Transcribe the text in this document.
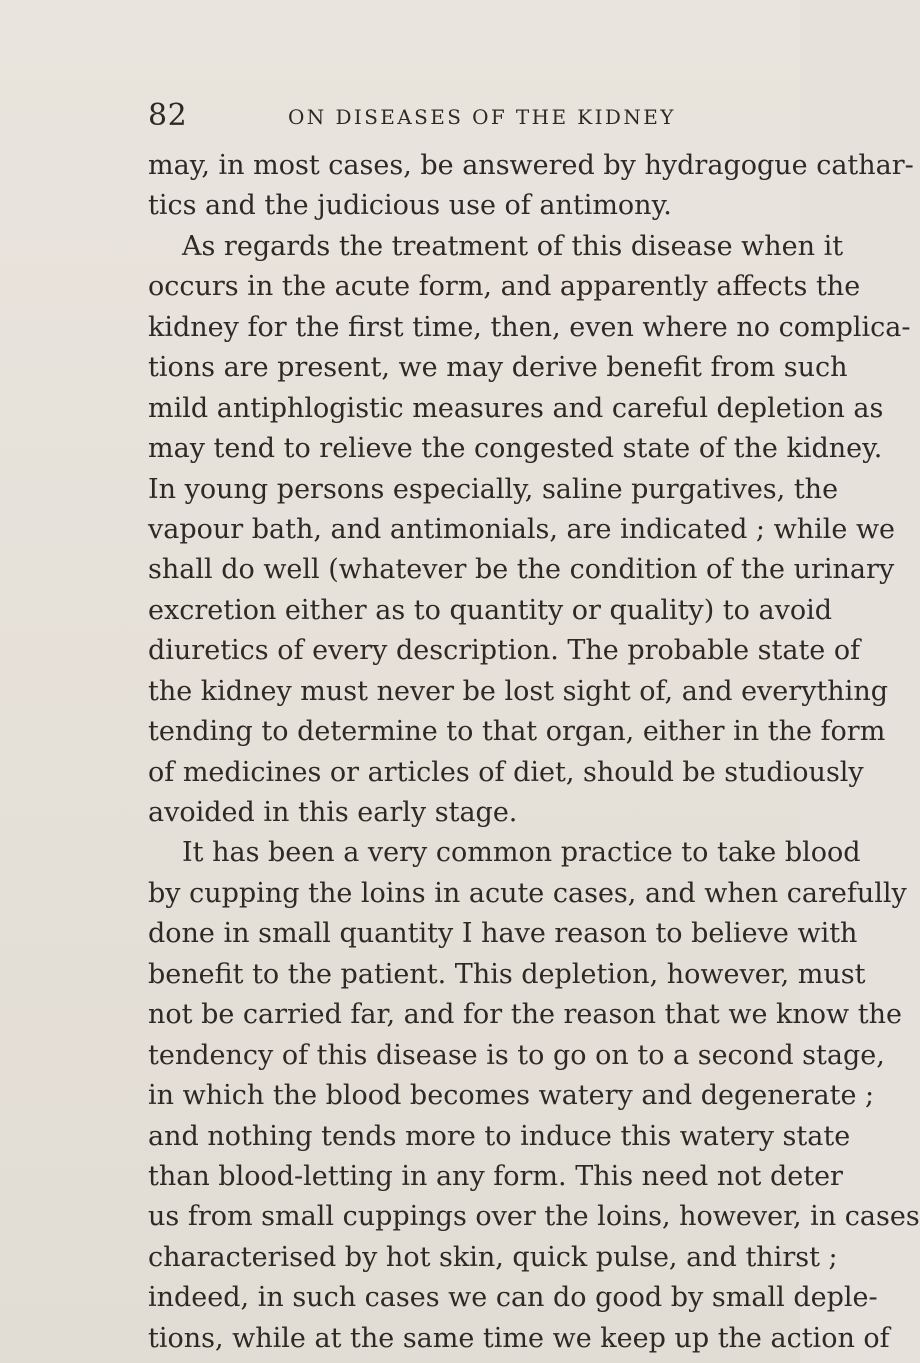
82	ON DISEASES OF THE KIDNEY
may, in most cases, be answered by hydragogue cathar-
tics and the judicious use of antimony.
As regards the treatment of this disease when it
occurs in the acute form, and apparently affects the
kidney for the first time, then, even where no complica-
tions are present, we may derive benefit from such
mild antiphlogistic measures and careful depletion as
may tend to relieve the congested state of the kidney.
In young persons especially, saline purgatives, the
vapour bath, and antimonials, are indicated ; while we
shall do well (whatever be the condition of the urinary
excretion either as to quantity or quality) to avoid
diuretics of every description. The probable state of
the kidney must never be lost sight of, and everything
tending to determine to that organ, either in the form
of medicines or articles of diet, should be studiously
avoided in this early stage.
It has been a very common practice to take blood
by cupping the loins in acute cases, and when carefully
done in small quantity I have reason to believe with
benefit to the patient. This depletion, however, must
not be carried far, and for the reason that we know the
tendency of this disease is to go on to a second stage,
in which the blood becomes watery and degenerate ;
and nothing tends more to induce this watery state
than blood-letting in any form. This need not deter
us from small cuppings over the loins, however, in cases
characterised by hot skin, quick pulse, and thirst ;
indeed, in such cases we can do good by small deple-
tions, while at the same time we keep up the action of
